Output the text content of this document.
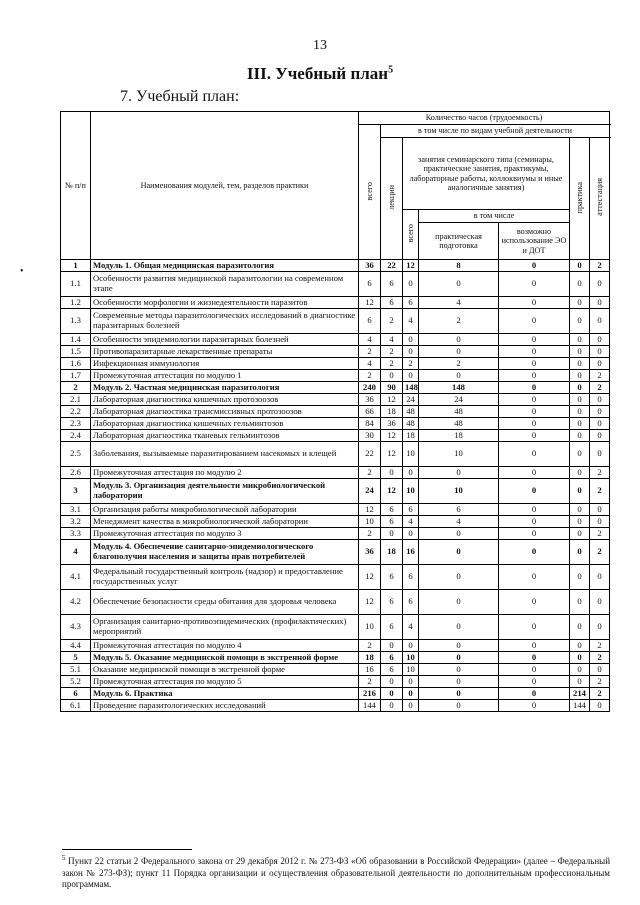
13
III. Учебный план$^5$
7. Учебный план:
•
№ п/п	Наименования модулей, тем, разделов практики	Количество часов (трудоемкость)						
		всего	в том числе по видам учебной деятельности					
			лекции	занятия семинарского типа (семинары, практические занятия, практикумы, лабораторные работы, коллоквиумы и иные аналогичные занятия)			практика	аттестация
				всего	в том числе			
					практическая подготовка	возможно использование ЭО и ДОТ		
1	Модуль 1. Общая медицинская паразитология	36	22	12	8	0	0	2
1.1	Особенности развития медицинской паразитологии на современном этапе	6	6	0	0	0	0	0
1.2	Особенности морфологии и жизнедеятельности паразитов	12	6	6	4	0	0	0
1.3	Современные методы паразитологических исследований в диагностике паразитарных болезней	6	2	4	2	0	0	0
1.4	Особенности эпидемиологии паразитарных болезней	4	4	0	0	0	0	0
1.5	Противопаразитарные лекарственные препараты	2	2	0	0	0	0	0
1.6	Инфекционная иммунология	4	2	2	2	0	0	0
1.7	Промежуточная аттестация по модулю 1	2	0	0	0	0	0	2
2	Модуль 2. Частная медицинская паразитология	240	90	148	148	0	0	2
2.1	Лабораторная диагностика кишечных протозоозов	36	12	24	24	0	0	0
2.2	Лабораторная диагностика трансмиссивных протозоозов	66	18	48	48	0	0	0
2.3	Лабораторная диагностика кишечных гельминтозов	84	36	48	48	0	0	0
2.4	Лабораторная диагностика тканевых гельминтозов	30	12	18	18	0	0	0
2.5	Заболевания, вызываемые паразитированием насекомых и клещей	22	12	10	10	0	0	0
2.6	Промежуточная аттестация по модулю 2	2	0	0	0	0	0	2
3	Модуль 3. Организация деятельности микробиологической лаборатории	24	12	10	10	0	0	2
3.1	Организация работы микробиологической лаборатории	12	6	6	6	0	0	0
3.2	Менеджмент качества в микробиологической лаборатории	10	6	4	4	0	0	0
3.3	Промежуточная аттестация по модулю 3	2	0	0	0	0	0	2
4	Модуль 4. Обеспечение санитарно-эпидемиологического благополучия населения и защиты прав потребителей	36	18	16	0	0	0	2
4.1	Федеральный государственный контроль (надзор) и предоставление государственных услуг	12	6	6	0	0	0	0
4.2	Обеспечение безопасности среды обитания для здоровья человека	12	6	6	0	0	0	0
4.3	Организация санитарно-противоэпидемических (профилактических) мероприятий	10	6	4	0	0	0	0
4.4	Промежуточная аттестация по модулю 4	2	0	0	0	0	0	2
5	Модуль 5. Оказание медицинской помощи в экстренной форме	18	6	10	0	0	0	2
5.1	Оказание медицинской помощи в экстренной форме	16	6	10	0	0	0	0
5.2	Промежуточная аттестация по модулю 5	2	0	0	0	0	0	2
6	Модуль 6. Практика	216	0	0	0	0	214	2
6.1	Проведение паразитологических исследований	144	0	0	0	0	144	0
$^5$ Пункт 22 статьи 2 Федерального закона от 29 декабря 2012 г. № 273-ФЗ «Об образовании в Российской Федерации» (далее – Федеральный закон № 273-ФЗ); пункт 11 Порядка организации и осуществления образовательной деятельности по дополнительным профессиональным программам.
